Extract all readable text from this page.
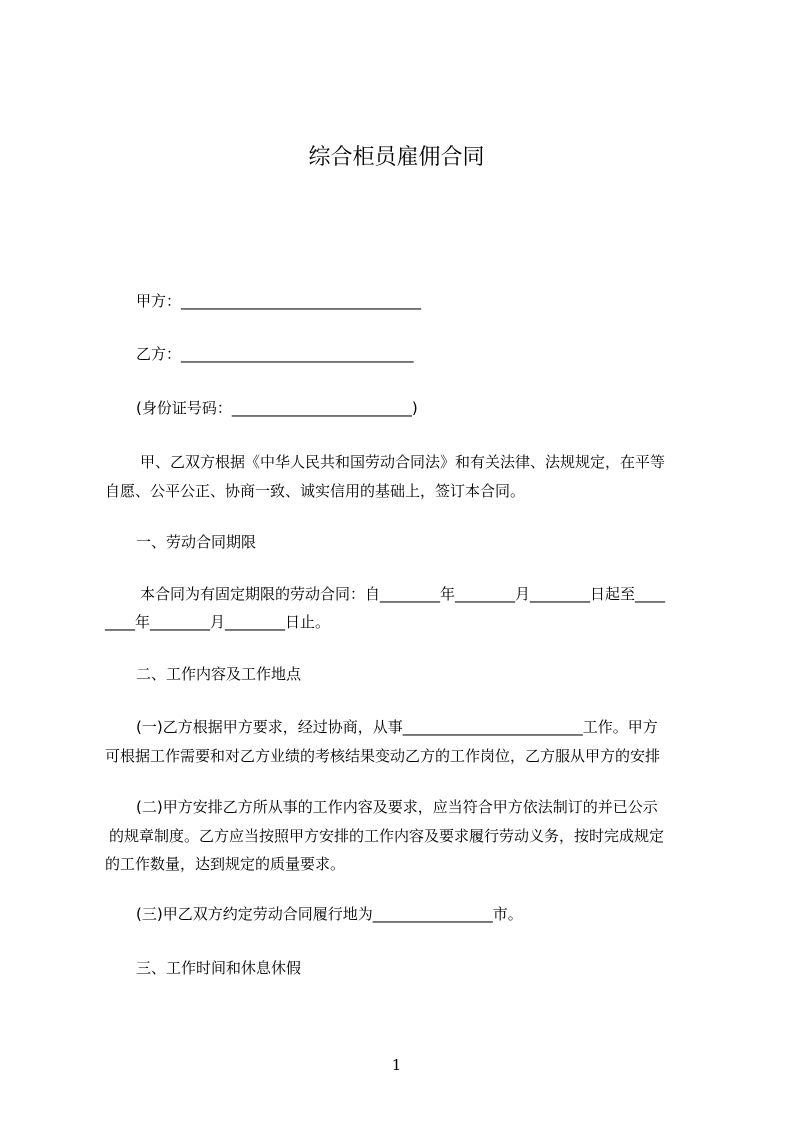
综合柜员雇佣合同
甲方：________________________________
乙方：_______________________________
(身份证号码：________________________)
甲、乙双方根据《中华人民共和国劳动合同法》和有关法律、法规规定，在平等
自愿、公平公正、协商一致、诚实信用的基础上，签订本合同。
一、劳动合同期限
本合同为有固定期限的劳动合同：自________年________月________日起至____
____年________月________日止。
二、工作内容及工作地点
(一)乙方根据甲方要求，经过协商，从事________________________工作。甲方
可根据工作需要和对乙方业绩的考核结果变动乙方的工作岗位，乙方服从甲方的安排
(二)甲方安排乙方所从事的工作内容及要求，应当符合甲方依法制订的并已公示
的规章制度。乙方应当按照甲方安排的工作内容及要求履行劳动义务，按时完成规定
的工作数量，达到规定的质量要求。
(三)甲乙双方约定劳动合同履行地为________________市。
三、工作时间和休息休假
1
